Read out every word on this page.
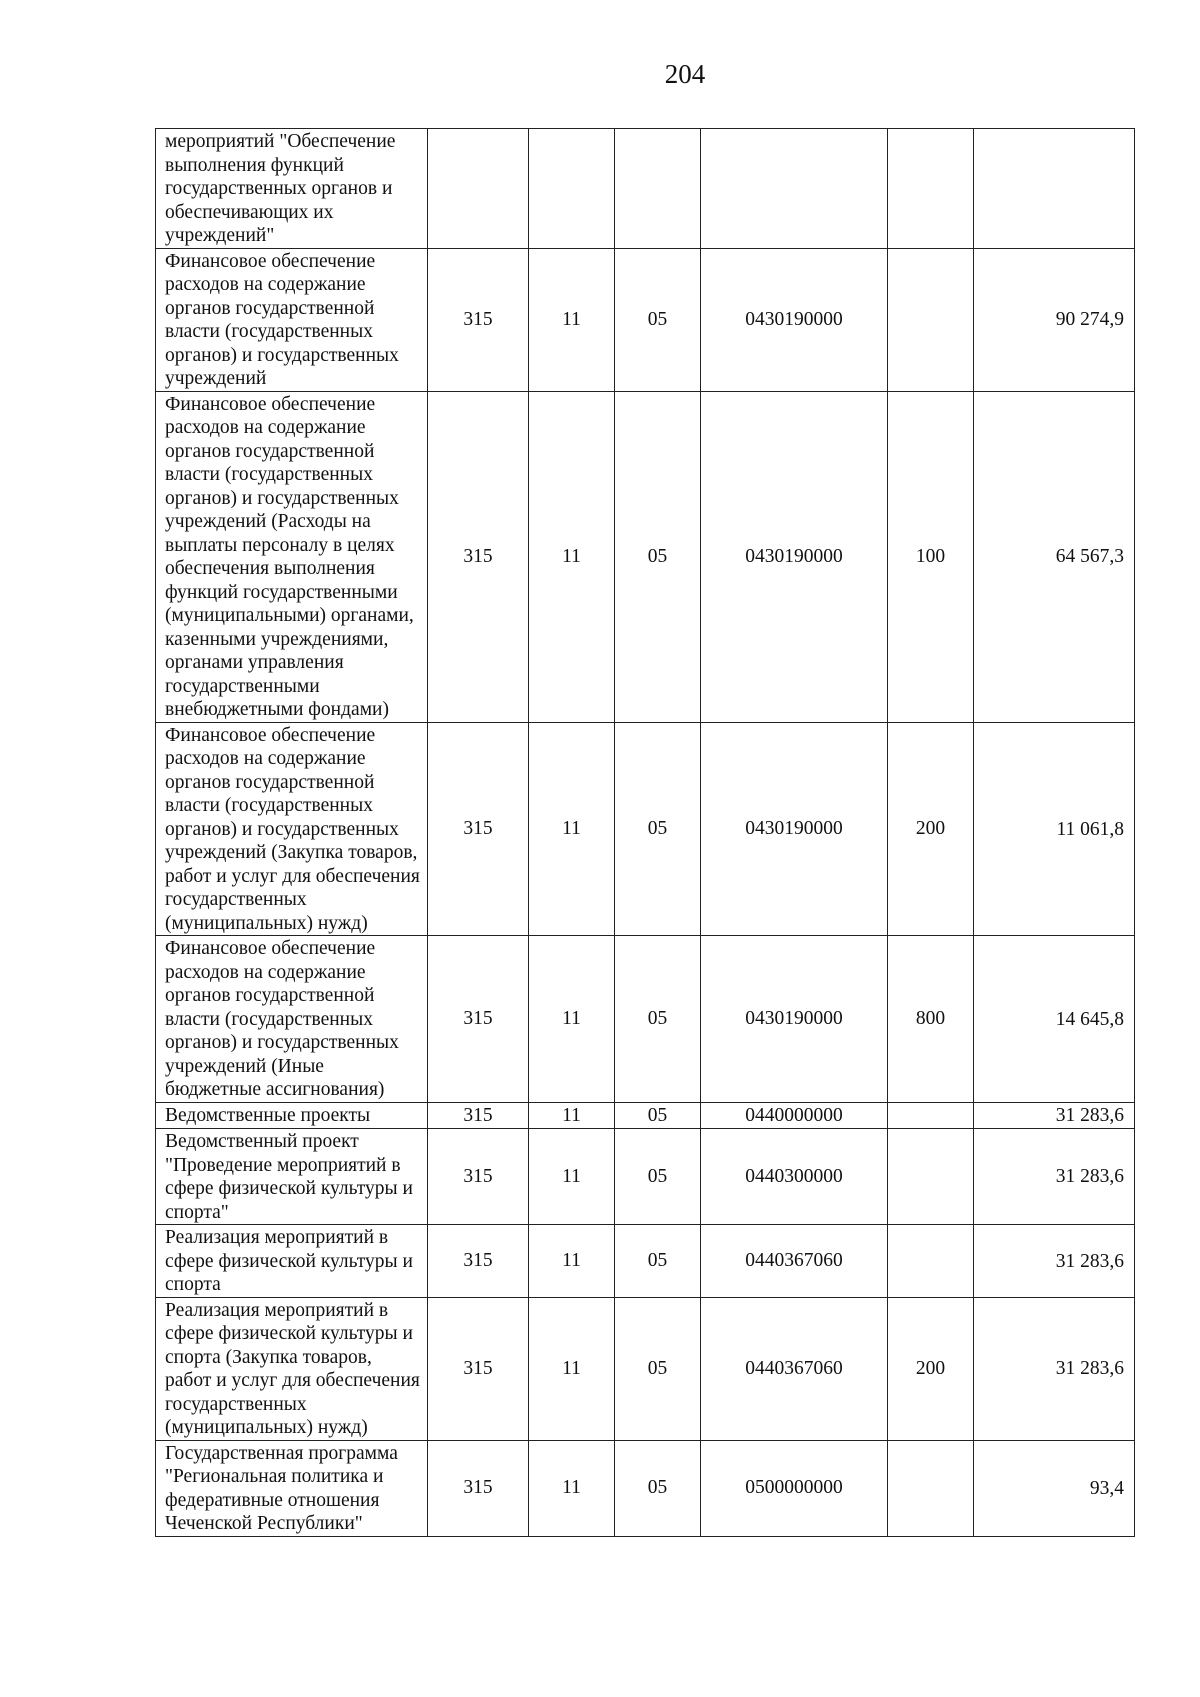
204
мероприятий "Обеспечение выполнения функций государственных органов и обеспечивающих их учреждений"						
Финансовое обеспечение расходов на содержание органов государственной власти (государственных органов) и государственных учреждений	315	11	05	0430190000		90 274,9
Финансовое обеспечение расходов на содержание органов государственной власти (государственных органов) и государственных учреждений (Расходы на выплаты персоналу в целях обеспечения выполнения функций государственными (муниципальными) органами, казенными учреждениями, органами управления государственными внебюджетными фондами)	315	11	05	0430190000	100	64 567,3
Финансовое обеспечение расходов на содержание органов государственной власти (государственных органов) и государственных учреждений (Закупка товаров, работ и услуг для обеспечения государственных (муниципальных) нужд)	315	11	05	0430190000	200	11 061,8
Финансовое обеспечение расходов на содержание органов государственной власти (государственных органов) и государственных учреждений (Иные бюджетные ассигнования)	315	11	05	0430190000	800	14 645,8
Ведомственные проекты	315	11	05	0440000000		31 283,6
Ведомственный проект "Проведение мероприятий в сфере физической культуры и спорта"	315	11	05	0440300000		31 283,6
Реализация мероприятий в сфере физической культуры и спорта	315	11	05	0440367060		31 283,6
Реализация мероприятий в сфере физической культуры и спорта (Закупка товаров, работ и услуг для обеспечения государственных (муниципальных) нужд)	315	11	05	0440367060	200	31 283,6
Государственная программа "Региональная политика и федеративные отношения Чеченской Республики"	315	11	05	0500000000		93,4
